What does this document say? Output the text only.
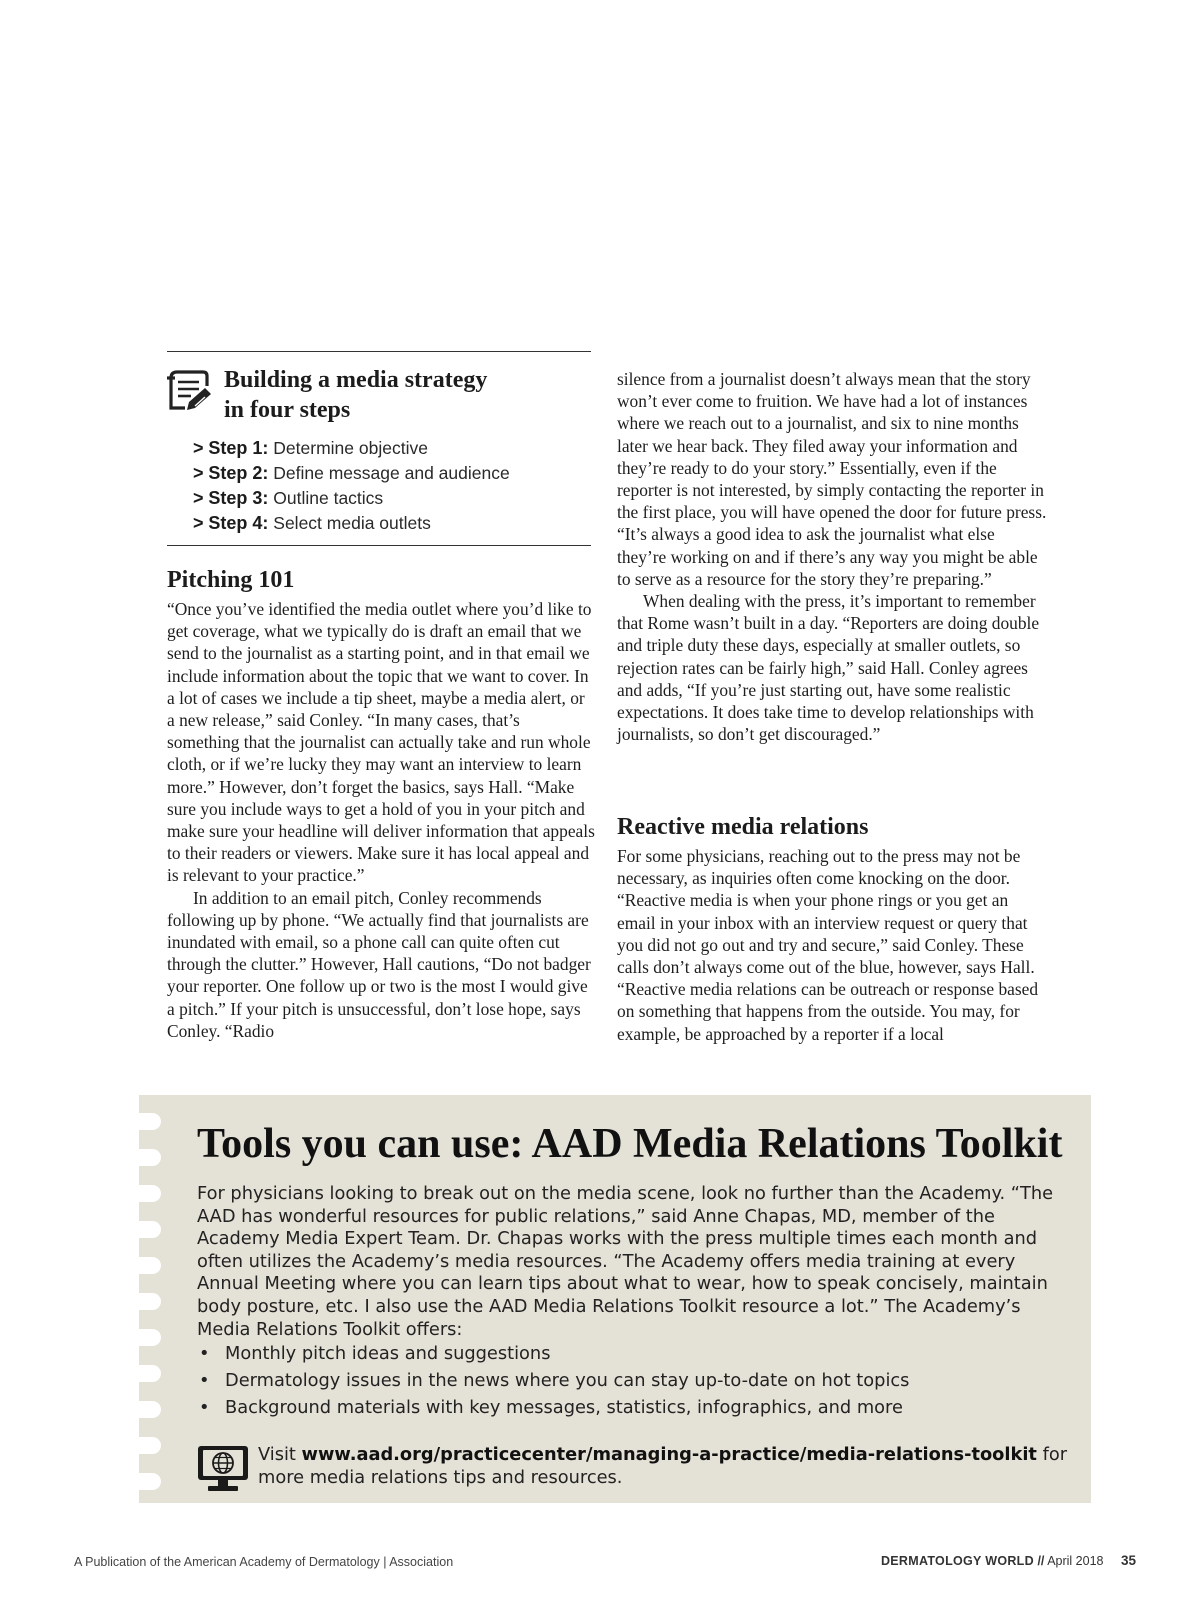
Building a media strategy
in four steps
> Step 1: Determine objective
> Step 2: Define message and audience
> Step 3: Outline tactics
> Step 4: Select media outlets
Pitching 101

“Once you’ve identified the media outlet where you’d like to get coverage, what we typically do is draft an email that we send to the journalist as a starting point, and in that email we include information about the topic that we want to cover. In a lot of cases we include a tip sheet, maybe a media alert, or a new release,” said Conley. “In many cases, that’s something that the journalist can actually take and run whole cloth, or if we’re lucky they may want an interview to learn more.” However, don’t forget the basics, says Hall. “Make sure you include ways to get a hold of you in your pitch and make sure your headline will deliver information that appeals to their readers or viewers. Make sure it has local appeal and is relevant to your practice.”

In addition to an email pitch, Conley recommends following up by phone. “We actually find that journalists are inundated with email, so a phone call can quite often cut through the clutter.” However, Hall cautions, “Do not badger your reporter. One follow up or two is the most I would give a pitch.” If your pitch is unsuccessful, don’t lose hope, says Conley. “Radio

silence from a journalist doesn’t always mean that the story won’t ever come to fruition. We have had a lot of instances where we reach out to a journalist, and six to nine months later we hear back. They filed away your information and they’re ready to do your story.” Essentially, even if the reporter is not interested, by simply contacting the reporter in the first place, you will have opened the door for future press. “It’s always a good idea to ask the journalist what else they’re working on and if there’s any way you might be able to serve as a resource for the story they’re preparing.”

When dealing with the press, it’s important to remember that Rome wasn’t built in a day. “Reporters are doing double and triple duty these days, especially at smaller outlets, so rejection rates can be fairly high,” said Hall. Conley agrees and adds, “If you’re just starting out, have some realistic expectations. It does take time to develop relationships with journalists, so don’t get discouraged.”

Reactive media relations

For some physicians, reaching out to the press may not be necessary, as inquiries often come knocking on the door. “Reactive media is when your phone rings or you get an email in your inbox with an interview request or query that you did not go out and try and secure,” said Conley. These calls don’t always come out of the blue, however, says Hall. “Reactive media relations can be outreach or response based on something that happens from the outside. You may, for example, be approached by a reporter if a local

Tools you can use: AAD Media Relations Toolkit
For physicians looking to break out on the media scene, look no further than the Academy. “The AAD has wonderful resources for public relations,” said Anne Chapas, MD, member of the Academy Media Expert Team. Dr. Chapas works with the press multiple times each month and often utilizes the Academy’s media resources. “The Academy offers media training at every Annual Meeting where you can learn tips about what to wear, how to speak concisely, maintain body posture, etc. I also use the AAD Media Relations Toolkit resource a lot.” The Academy’s Media Relations Toolkit offers:
• Monthly pitch ideas and suggestions
• Dermatology issues in the news where you can stay up-to-date on hot topics
• Background materials with key messages, statistics, infographics, and more
Visit www.aad.org/practicecenter/managing-a-practice/media-relations-toolkit for more media relations tips and resources.
A Publication of the American Academy of Dermatology | Association	DERMATOLOGY WORLD // April 2018 35
